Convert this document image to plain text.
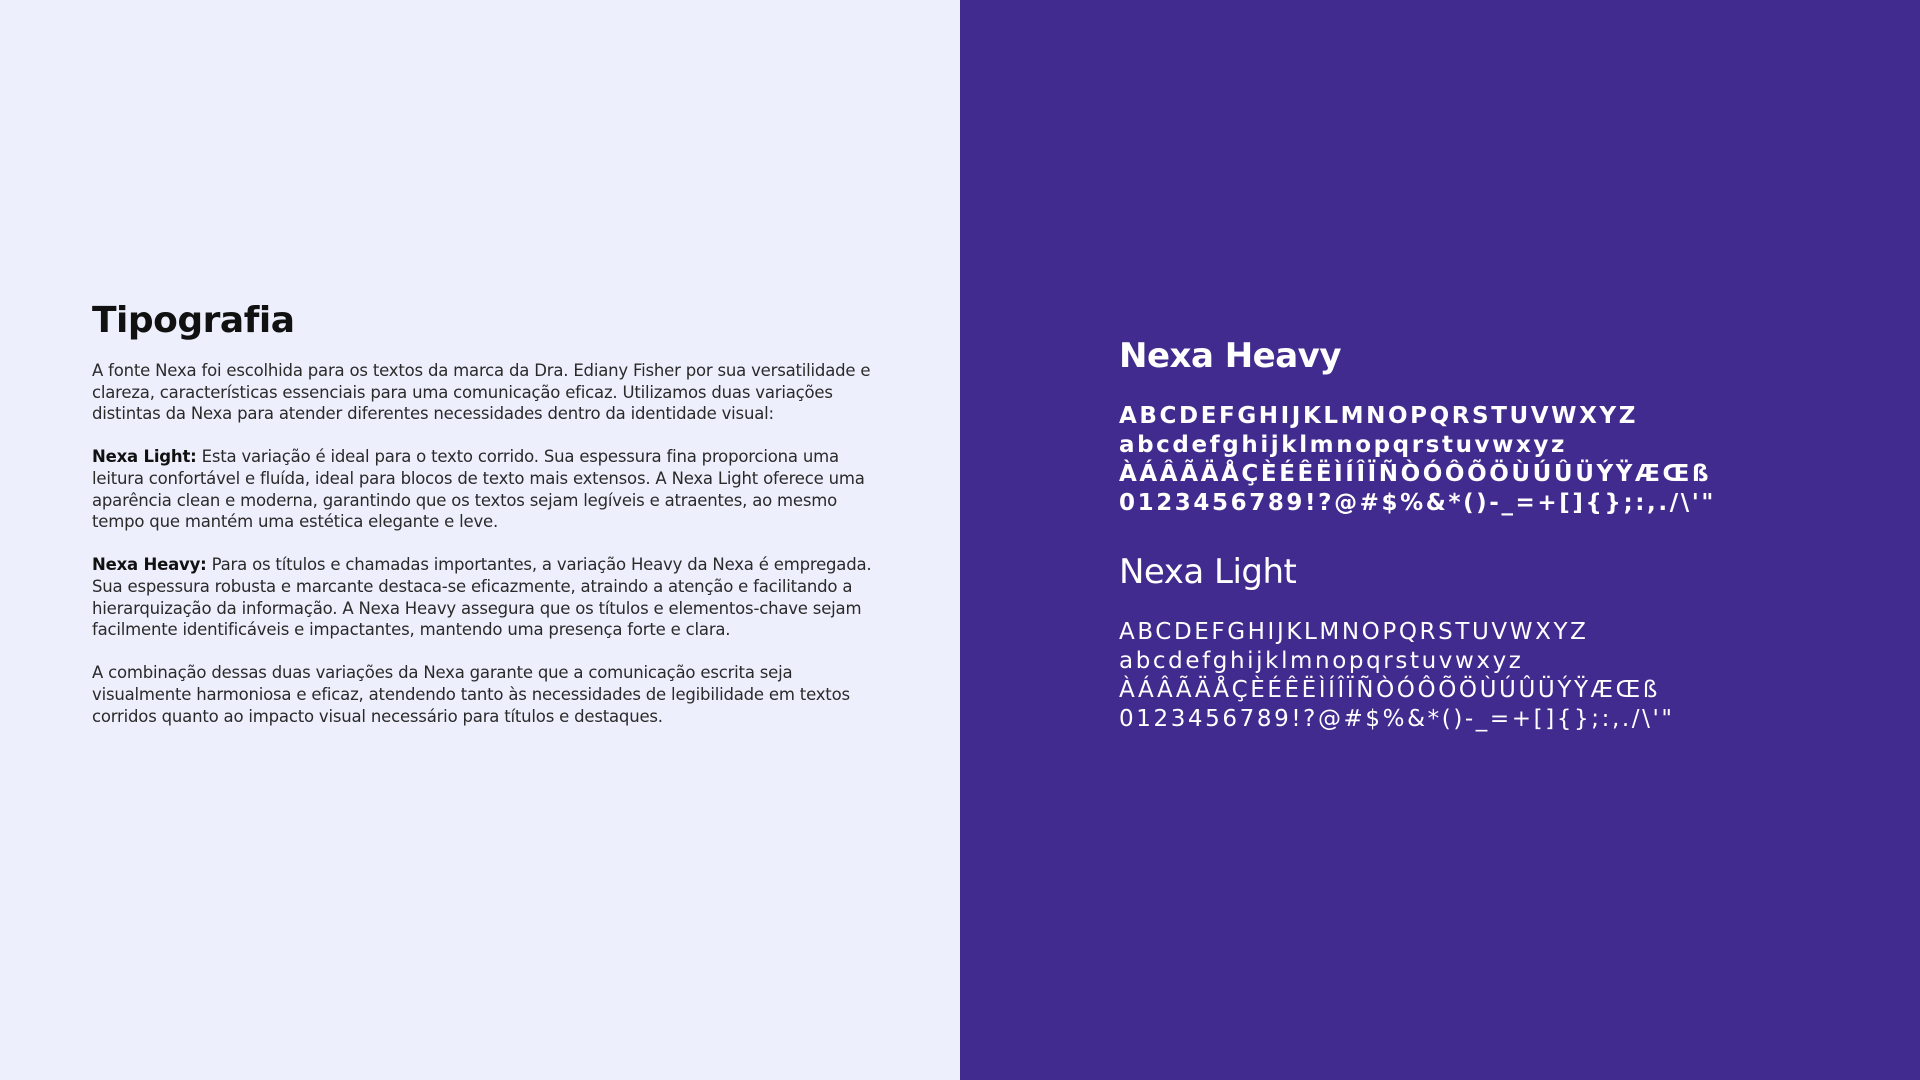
Tipografia

A fonte Nexa foi escolhida para os textos da marca da Dra. Ediany Fisher por sua versatilidade e clareza, características essenciais para uma comunicação eficaz. Utilizamos duas variações distintas da Nexa para atender diferentes necessidades dentro da identidade visual:

Nexa Light: Esta variação é ideal para o texto corrido. Sua espessura fina proporciona uma leitura confortável e fluída, ideal para blocos de texto mais extensos. A Nexa Light oferece uma aparência clean e moderna, garantindo que os textos sejam legíveis e atraentes, ao mesmo tempo que mantém uma estética elegante e leve.

Nexa Heavy: Para os títulos e chamadas importantes, a variação Heavy da Nexa é empregada. Sua espessura robusta e marcante destaca-se eficazmente, atraindo a atenção e facilitando a hierarquização da informação. A Nexa Heavy assegura que os títulos e elementos-chave sejam facilmente identificáveis e impactantes, mantendo uma presença forte e clara.

A combinação dessas duas variações da Nexa garante que a comunicação escrita seja visualmente harmoniosa e eficaz, atendendo tanto às necessidades de legibilidade em textos corridos quanto ao impacto visual necessário para títulos e destaques.

Nexa Heavy
ABCDEFGHIJKLMNOPQRSTUVWXYZ
abcdefghijklmnopqrstuvwxyz
ÀÁÂÃÄÅÇÈÉÊËÌÍÎÏÑÒÓÔÕÖÙÚÛÜÝŸÆŒß
0123456789!?@#$%&*()-_=+[]{};:,./\'"
Nexa Light
ABCDEFGHIJKLMNOPQRSTUVWXYZ
abcdefghijklmnopqrstuvwxyz
ÀÁÂÃÄÅÇÈÉÊËÌÍÎÏÑÒÓÔÕÖÙÚÛÜÝŸÆŒß
0123456789!?@#$%&*()-_=+[]{};:,./\'"
